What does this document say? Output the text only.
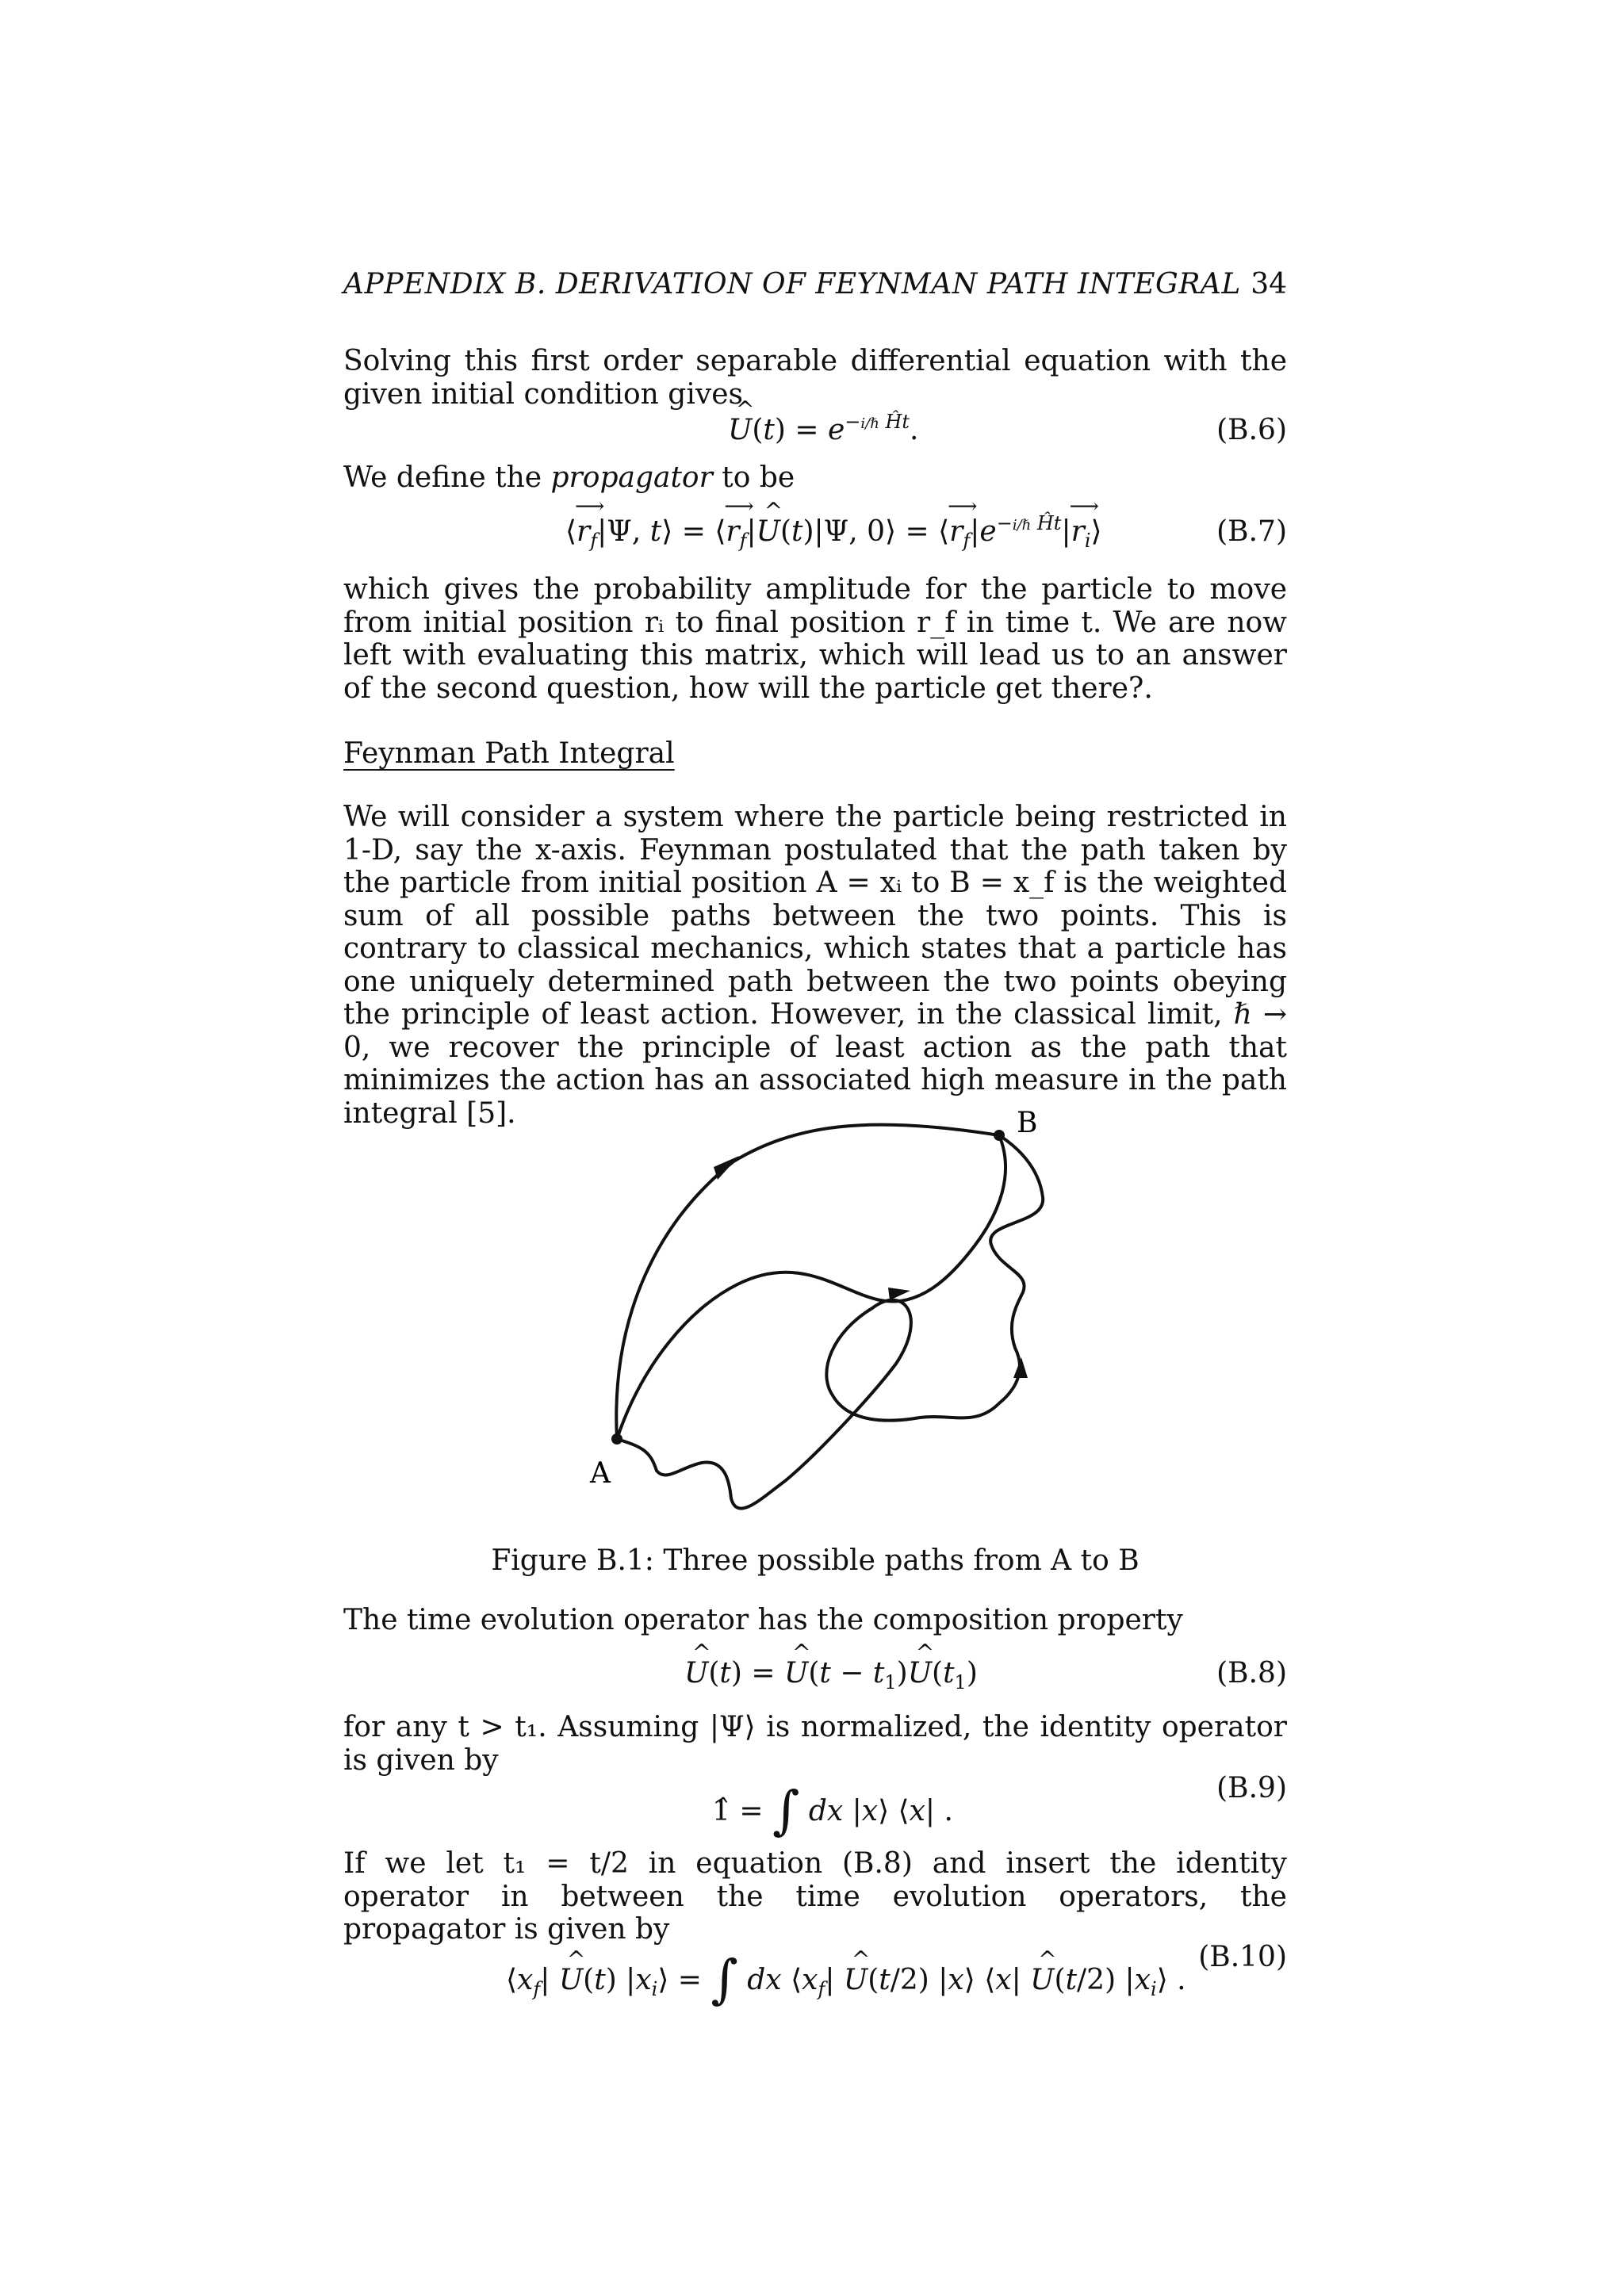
APPENDIX B. DERIVATION OF FEYNMAN PATH INTEGRAL 34
Solving this first order separable differential equation with the given initial condition gives
^ $U(t) = e^{-i/\hbar Ĥt}$.	(B.6)
We define the propagator to be
⟨⟶ $r_f|\Psi$, t⟩ = ⟨⟶ $r_f|\^{}$ U(t)|Ψ, 0⟩ = ⟨⟶ $r_f|e^{-i/\hbar Ĥt}|⟶$ $r_i⟩$	(B.7)
which gives the probability amplitude for the particle to move from initial position rᵢ to final position r_f in time t. We are now left with evaluating this matrix, which will lead us to an answer of the second question, how will the particle get there?.
Feynman Path Integral
We will consider a system where the particle being restricted in 1-D, say the x-axis. Feynman postulated that the path taken by the particle from initial position A = xᵢ to B = x_f is the weighted sum of all possible paths between the two points. This is contrary to classical mechanics, which states that a particle has one uniquely determined path between the two points obeying the principle of least action. However, in the classical limit, ℏ → 0, we recover the principle of least action as the path that minimizes the action has an associated high measure in the path integral [5].
A
B
Figure B.1: Three possible paths from A to B
The time evolution operator has the composition property
^ U(t) = ^ $U(t - t_1)\^{}$ $U(t_1)$	(B.8)
for any t > t₁. Assuming |Ψ⟩ is normalized, the identity operator is given by
1̂ = ∫ dx |x⟩ ⟨x| .
(B.9)
If we let t₁ = t/2 in equation (B.8) and insert the identity operator in between the time evolution operators, the propagator is given by
$⟨x_f|$ ^ U(t) $|x_i⟩$ = ∫ dx $⟨x_f|$ ^ U(t/2) |x⟩ ⟨x| ^ U(t/2) $|x_i⟩$ .
(B.10)
